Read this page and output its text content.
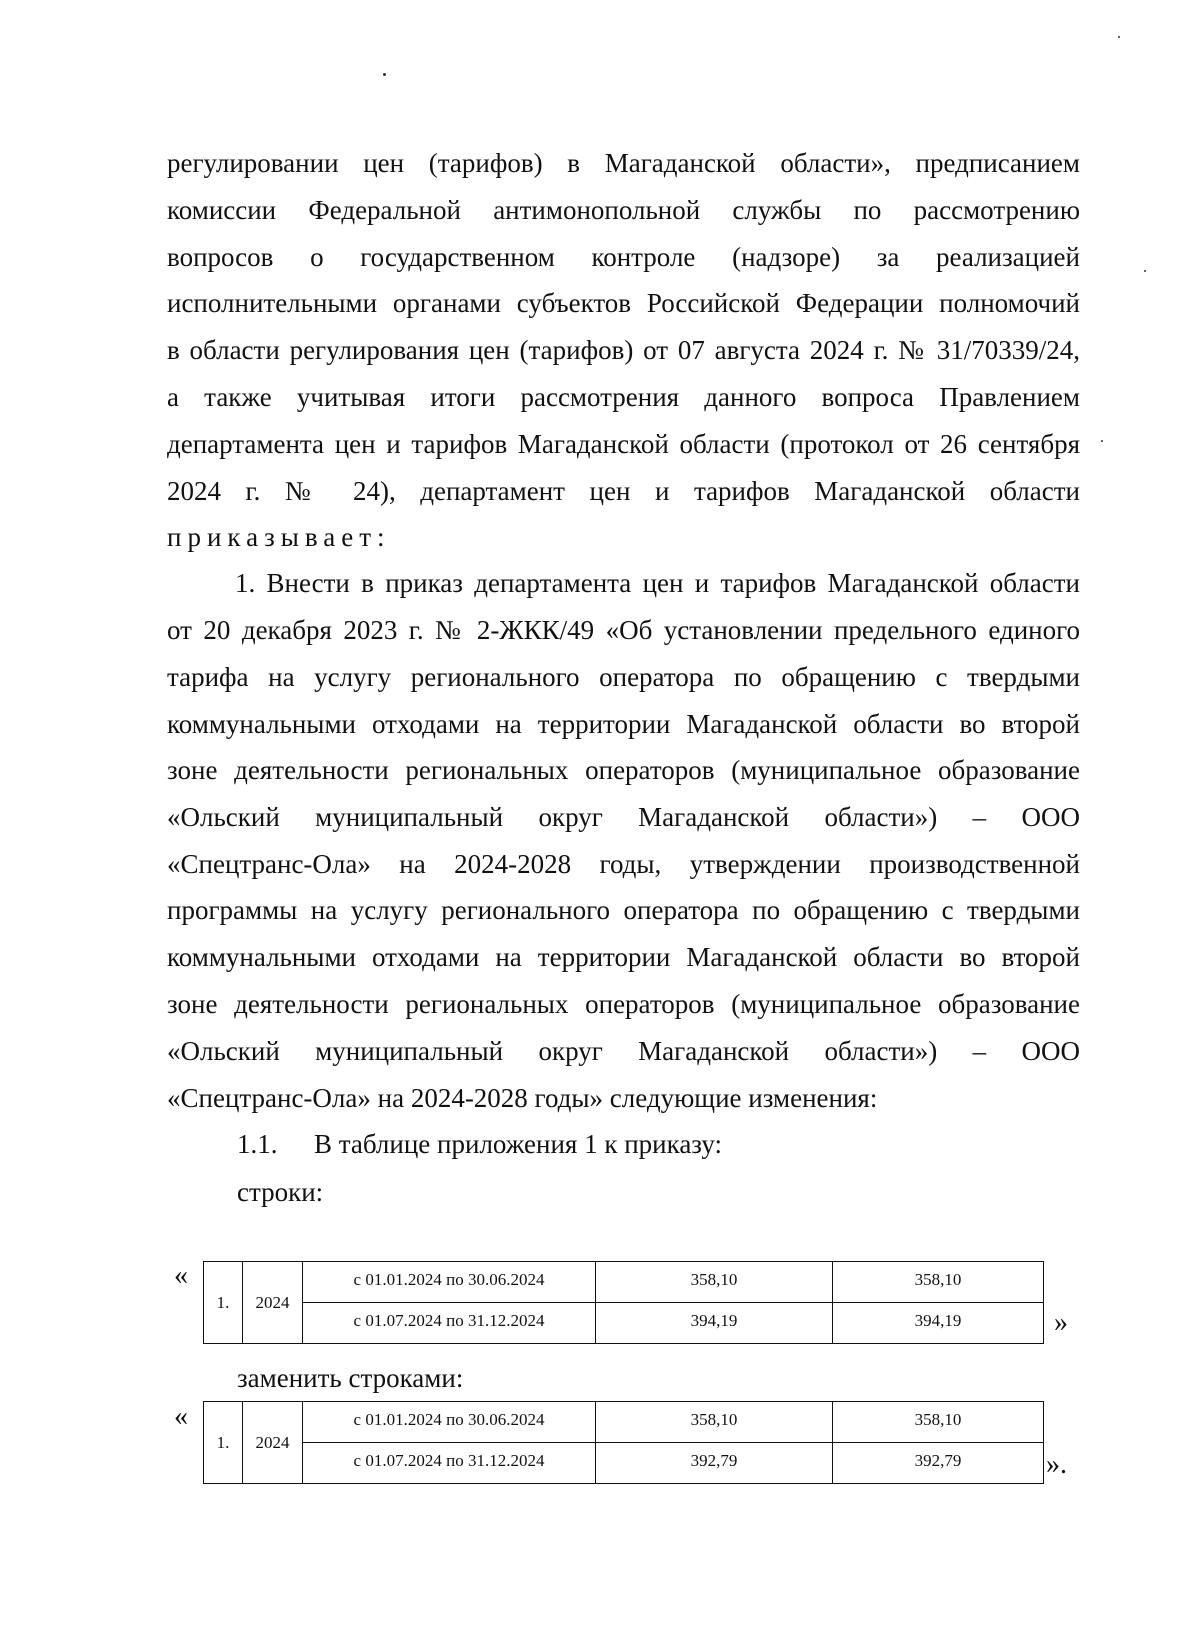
регулировании цен (тарифов) в Магаданской области», предписанием
комиссии Федеральной антимонопольной службы по рассмотрению
вопросов о государственном контроле (надзоре) за реализацией
исполнительными органами субъектов Российской Федерации полномочий
в области регулирования цен (тарифов) от 07 августа 2024 г. № 31/70339/24,
а также учитывая итоги рассмотрения данного вопроса Правлением
департамента цен и тарифов Магаданской области (протокол от 26 сентября
2024 г. № 24), департамент цен и тарифов Магаданской области
приказывает:
1. Внести в приказ департамента цен и тарифов Магаданской области
от 20 декабря 2023 г. № 2-ЖКК/49 «Об установлении предельного единого
тарифа на услугу регионального оператора по обращению с твердыми
коммунальными отходами на территории Магаданской области во второй
зоне деятельности региональных операторов (муниципальное образование
«Ольский муниципальный округ Магаданской области») – ООО
«Спецтранс-Ола» на 2024-2028 годы, утверждении производственной
программы на услугу регионального оператора по обращению с твердыми
коммунальными отходами на территории Магаданской области во второй
зоне деятельности региональных операторов (муниципальное образование
«Ольский муниципальный округ Магаданской области») – ООО
«Спецтранс-Ола» на 2024-2028 годы» следующие изменения:
1.1.	В таблице приложения 1 к приказу:
строки:
«
1.	2024	с 01.01.2024 по 30.06.2024	358,10	358,10
		с 01.07.2024 по 31.12.2024	394,19	394,19	»
заменить строками:
«
1.	2024	с 01.01.2024 по 30.06.2024	358,10	358,10
		с 01.07.2024 по 31.12.2024	392,79	392,79	».
